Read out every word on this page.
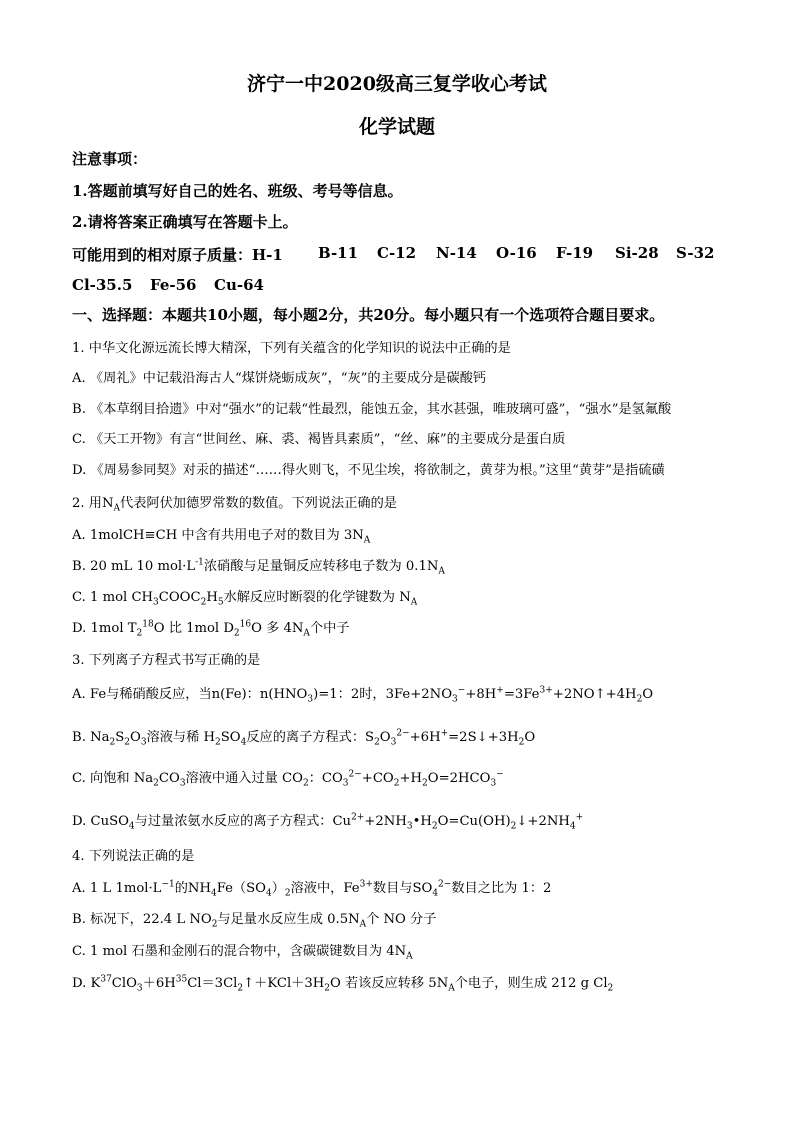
济宁一中2020级高三复学收心考试
化学试题
注意事项：
1.答题前填写好自己的姓名、班级、考号等信息。
2.请将答案正确填写在答题卡上。
可能用到的相对原子质量：H-1 B-11 C-12 N-14 O-16 F-19 Si-28 S-32
Cl-35.5 Fe-56 Cu-64
一、选择题：本题共10小题，每小题2分，共20分。每小题只有一个选项符合题目要求。
1. 中华文化源远流长博大精深，下列有关蕴含的化学知识的说法中正确的是
A. 《周礼》中记载沿海古人“煤饼烧蛎成灰”，“灰”的主要成分是碳酸钙
B. 《本草纲目拾遗》中对“强水”的记载“性最烈，能蚀五金，其水甚强，唯玻璃可盛”，“强水”是氢氟酸
C. 《天工开物》有言“世间丝、麻、裘、褐皆具素质”，“丝、麻”的主要成分是蛋白质
D. 《周易参同契》对汞的描述“……得火则飞，不见尘埃，将欲制之，黄芽为根。”这里“黄芽”是指硫磺
2. 用$N_A$代表阿伏加德罗常数的数值。下列说法正确的是
A. 1molCH≡CH 中含有共用电子对的数目为 $3N_A$
B. 20 mL 10 $mol\cdot L^{-1}$浓硝酸与足量铜反应转移电子数为 $0.1N_A$
C. 1 mol $CH_3COOC_2H_5$水解反应时断裂的化学键数为 $N_A$
D. 1mol $T_2^{18}O$ 比 1mol $D_2^{16}O$ 多 $4N_A$个中子
3. 下列离子方程式书写正确的是
A. Fe与稀硝酸反应，当n(Fe)：$n(HNO_3)=1$：2时，$3Fe+2NO_3^-+8H^+=3Fe^{3+}+2NO↑+4H_2O$
B. $Na_2S_2O_3$溶液与稀 $H_2SO_4$反应的离子方程式：$S_2O_3^{2-}+6H^+=2S↓+3H_2O$
C. 向饱和 $Na_2CO_3$溶液中通入过量 $CO_2$：$CO_3^{2-}+CO_2+H_2O=2HCO_3^-$
D. CuSO$_4$与过量浓氨水反应的离子方程式：$Cu^{2+}+2NH_3•H_2O=Cu(OH)_2↓+2NH_4^+$
4. 下列说法正确的是
A. 1 L $1mol\cdot L^{-1}$的$NH_4Fe(SO_4)_2$溶液中，$Fe^{3+}$数目与$SO_4^{2-}$数目之比为 1：2
B. 标况下，22.4 L $NO_2$与足量水反应生成 $0.5N_A$个 NO 分子
C. 1 mol 石墨和金刚石的混合物中，含碳碳键数目为 $4N_A$
D. $K^{37}ClO_3+6H^{35}Cl=3Cl_2↑+KCl+3H_2O$ 若该反应转移 $5N_A$个电子，则生成 212 g $Cl_2$
